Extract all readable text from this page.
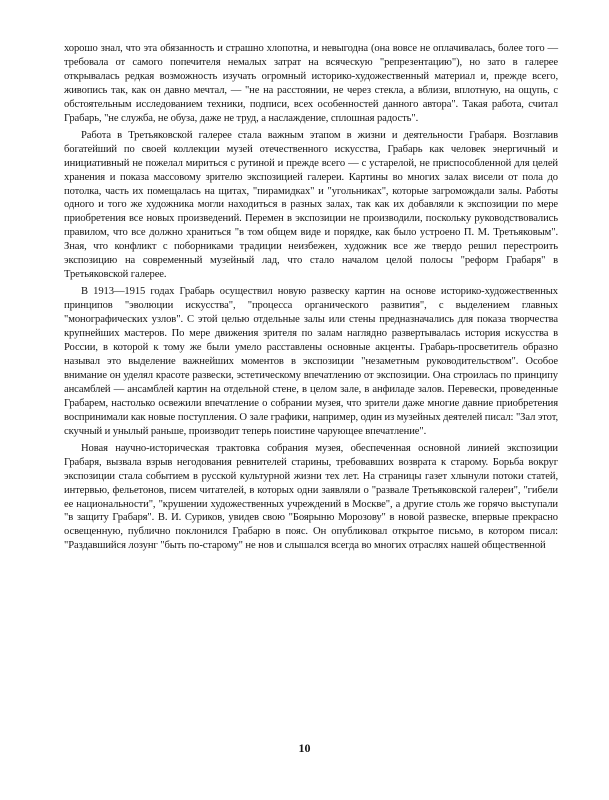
хорошо знал, что эта обязанность и страшно хлопотна, и невыгодна (она вовсе не оплачивалась, более того — требовала от самого попечителя немалых затрат на всяческую "репрезентацию"), но зато в галерее открывалась редкая возможность изучать огромный историко-художественный материал и, прежде всего, живопись так, как он давно мечтал, — "не на расстоянии, не через стекла, а вблизи, вплотную, на ощупь, с обстоятельным исследованием техники, подписи, всех особенностей данного автора". Такая работа, считал Грабарь, "не служба, не обуза, даже не труд, а наслаждение, сплошная радость".

Работа в Третьяковской галерее стала важным этапом в жизни и деятельности Грабаря. Возглавив богатейший по своей коллекции музей отечественного искусства, Грабарь как человек энергичный и инициативный не пожелал мириться с рутиной и прежде всего — с устарелой, не приспособленной для целей хранения и показа массовому зрителю экспозицией галереи. Картины во многих залах висели от пола до потолка, часть их помещалась на щитах, "пирамидках" и "угольниках", которые загромождали залы. Работы одного и того же художника могли находиться в разных залах, так как их добавляли к экспозиции по мере приобретения все новых произведений. Перемен в экспозиции не производили, поскольку руководствовались правилом, что все должно храниться "в том общем виде и порядке, как было устроено П. М. Третьяковым". Зная, что конфликт с поборниками традиции неизбежен, художник все же твердо решил перестроить экспозицию на современный музейный лад, что стало началом целой полосы "реформ Грабаря" в Третьяковской галерее.

В 1913—1915 годах Грабарь осуществил новую развеску картин на основе историко-художественных принципов "эволюции искусства", "процесса органического развития", с выделением главных "монографических узлов". С этой целью отдельные залы или стены предназначались для показа творчества крупнейших мастеров. По мере движения зрителя по залам наглядно развертывалась история искусства в России, в которой к тому же были умело расставлены основные акценты. Грабарь-просветитель образно называл это выделение важнейших моментов в экспозиции "незаметным руководительством". Особое внимание он уделял красоте развески, эстетическому впечатлению от экспозиции. Она строилась по принципу ансамблей — ансамблей картин на отдельной стене, в целом зале, в анфиладе залов. Перевески, проведенные Грабарем, настолько освежили впечатление о собрании музея, что зрители даже многие давние приобретения воспринимали как новые поступления. О зале графики, например, один из музейных деятелей писал: "Зал этот, скучный и унылый раньше, производит теперь поистине чарующее впечатление".

Новая научно-историческая трактовка собрания музея, обеспеченная основной линией экспозиции Грабаря, вызвала взрыв негодования ревнителей старины, требовавших возврата к старому. Борьба вокруг экспозиции стала событием в русской культурной жизни тех лет. На страницы газет хлынули потоки статей, интервью, фельетонов, писем читателей, в которых одни заявляли о "развале Третьяковской галереи", "гибели ее национальности", "крушении художественных учреждений в Москве", а другие столь же горячо выступали "в защиту Грабаря". В. И. Суриков, увидев свою "Боярыню Морозову" в новой развеске, впервые прекрасно освещенную, публично поклонился Грабарю в пояс. Он опубликовал открытое письмо, в котором писал: "Раздавшийся лозунг "быть по-старому" не нов и слышался всегда во многих отраслях нашей общественной

10
